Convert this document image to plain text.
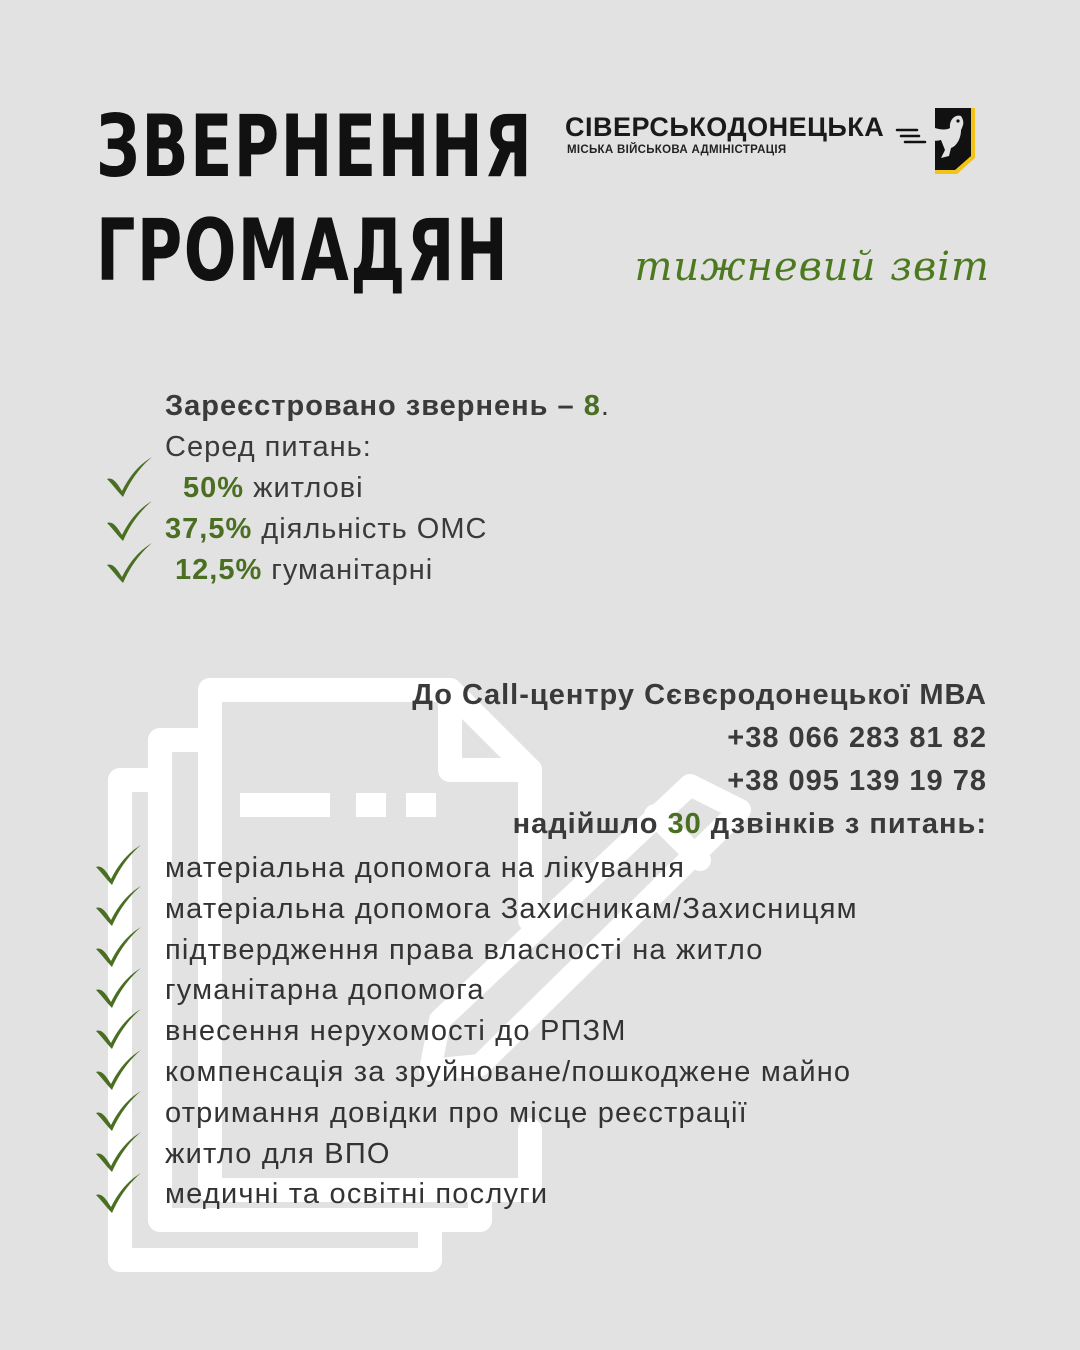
ЗВЕРНЕННЯ
ГРОМАДЯН
СІВЕРСЬКОДОНЕЦЬКА
МІСЬКА ВІЙСЬКОВА АДМІНІСТРАЦІЯ
тижневий звіт
Зареєстровано звернень – 8.
Серед питань:
50% житлові
37,5% діяльність ОМС
12,5% гуманітарні
До Call-центру Сєвєродонецької МВА
+38 066 283 81 82
+38 095 139 19 78
надійшло 30 дзвінків з питань:
матеріальна допомога на лікування
матеріальна допомога Захисникам/Захисницям
підтвердження права власності на житло
гуманітарна допомога
внесення нерухомості до РПЗМ
компенсація за зруйноване/пошкоджене майно
отримання довідки про місце реєстрації
житло для ВПО
медичні та освітні послуги
